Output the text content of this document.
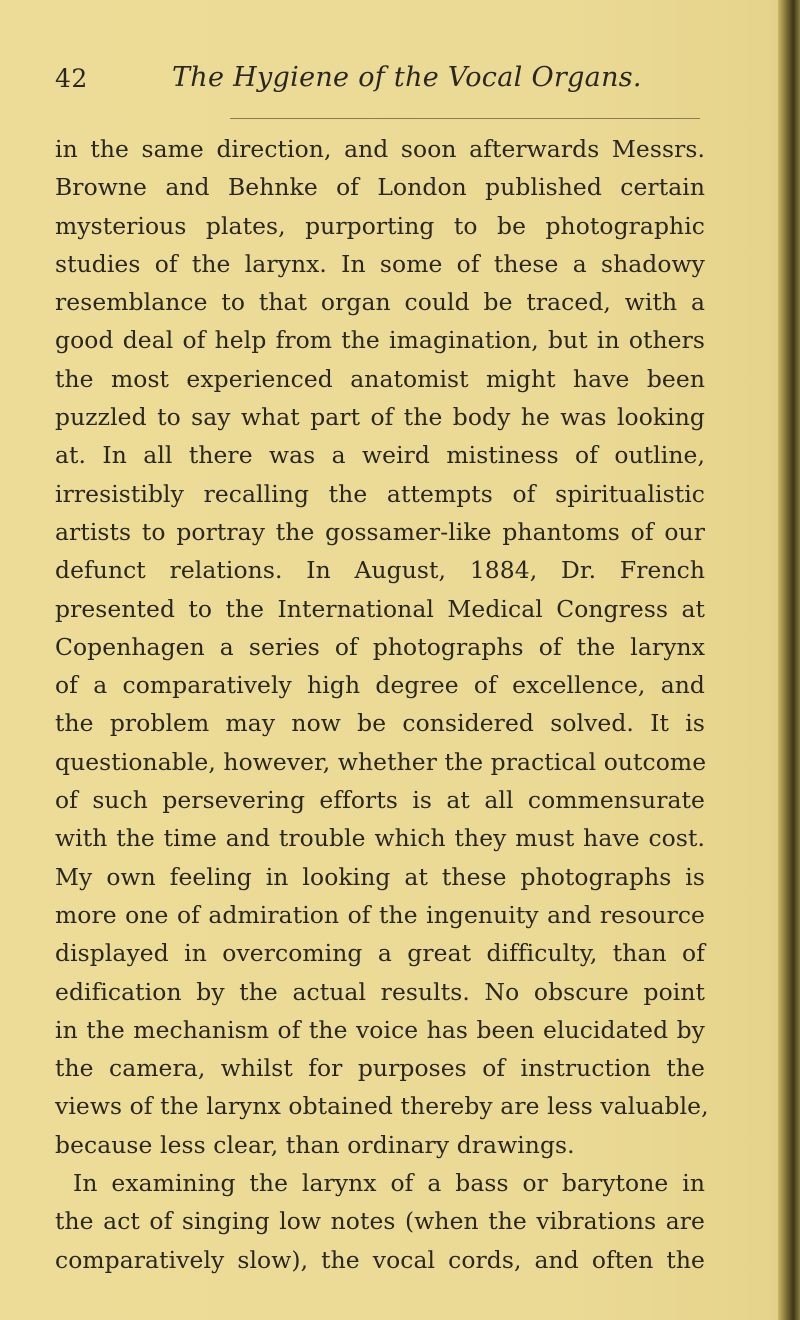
42	The Hygiene of the Vocal Organs.
in the same direction, and soon afterwards Messrs.
Browne and Behnke of London published certain
mysterious plates, purporting to be photographic
studies of the larynx. In some of these a shadowy
resemblance to that organ could be traced, with a
good deal of help from the imagination, but in others
the most experienced anatomist might have been
puzzled to say what part of the body he was looking
at. In all there was a weird mistiness of outline,
irresistibly recalling the attempts of spiritualistic
artists to portray the gossamer-like phantoms of our
defunct relations. In August, 1884, Dr. French
presented to the International Medical Congress at
Copenhagen a series of photographs of the larynx
of a comparatively high degree of excellence, and
the problem may now be considered solved. It is
questionable, however, whether the practical outcome
of such persevering efforts is at all commensurate
with the time and trouble which they must have cost.
My own feeling in looking at these photographs is
more one of admiration of the ingenuity and resource
displayed in overcoming a great difficulty, than of
edification by the actual results. No obscure point
in the mechanism of the voice has been elucidated by
the camera, whilst for purposes of instruction the
views of the larynx obtained thereby are less valuable,
because less clear, than ordinary drawings.
In examining the larynx of a bass or barytone in
the act of singing low notes (when the vibrations are
comparatively slow), the vocal cords, and often the
